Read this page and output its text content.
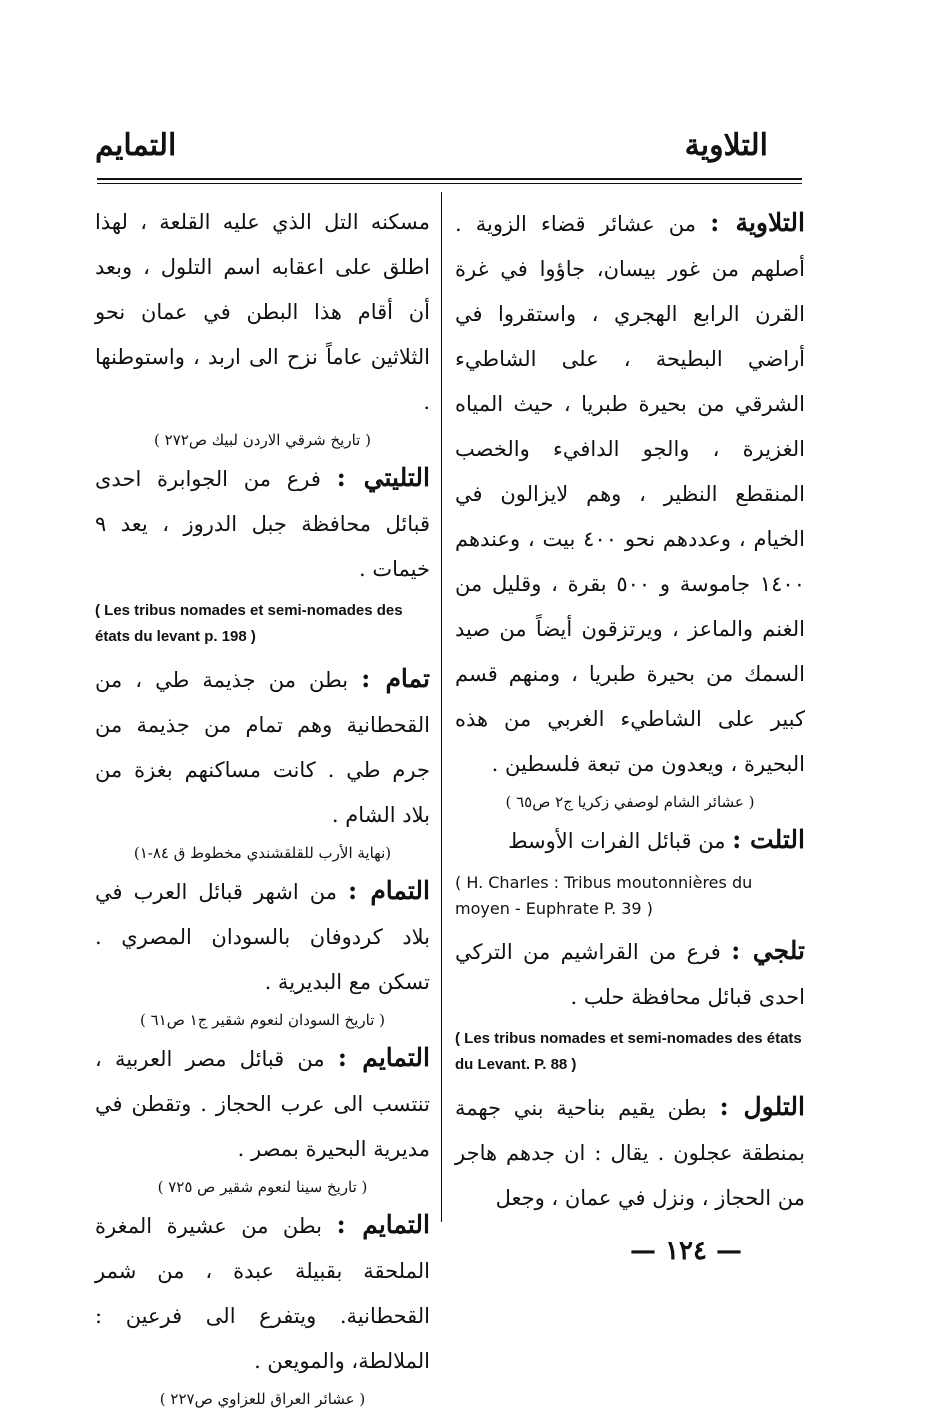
التلاوية
التمايم

التلاوية : من عشائر قضاء الزوية . أصلهم من غور بيسان، جاؤوا في غرة القرن الرابع الهجري ، واستقروا في أراضي البطيحة ، على الشاطيء الشرقي من بحيرة طبريا ، حيث المياه الغزيرة ، والجو الدافيء والخصب المنقطع النظير ، وهم لايزالون في الخيام ، وعددهم نحو ٤٠٠ بيت ، وعندهم ١٤٠٠ جاموسة و ٥٠٠ بقرة ، وقليل من الغنم والماعز ، ويرتزقون أيضاً من صيد السمك من بحيرة طبريا ، ومنهم قسم كبير على الشاطيء الغربي من هذه البحيرة ، ويعدون من تبعة فلسطين .

( عشائر الشام لوصفي زكريا ج٢ ص٦٥ )

التلت : من قبائل الفرات الأوسط

( H. Charles : Tribus moutonnières du moyen - Euphrate P. 39 )

تلجي : فرع من القراشيم من التركي احدى قبائل محافظة حلب .

( Les tribus nomades et semi-nomades des états du Levant. P. 88 )

التلول : بطن يقيم بناحية بني جهمة بمنطقة عجلون . يقال : ان جدهم هاجر من الحجاز ، ونزل في عمان ، وجعل

مسكنه التل الذي عليه القلعة ، لهذا اطلق على اعقابه اسم التلول ، وبعد أن أقام هذا البطن في عمان نحو الثلاثين عاماً نزح الى اربد ، واستوطنها .

( تاريخ شرقي الاردن لبيك ص٢٧٢ )

التليتي : فرع من الجوابرة احدى قبائل محافظة جبل الدروز ، يعد ٩ خيمات .

( Les tribus nomades et semi-nomades des états du levant p. 198 )

تمام : بطن من جذيمة طي ، من القحطانية وهم تمام من جذيمة من جرم طي . كانت مساكنهم بغزة من بلاد الشام .

(نهاية الأرب للقلقشندي مخطوط ق ٨٤-١)

التمام : من اشهر قبائل العرب في بلاد كردوفان بالسودان المصري . تسكن مع البديرية .

( تاريخ السودان لنعوم شقير ج١ ص٦١ )

التمايم : من قبائل مصر العربية ، تنتسب الى عرب الحجاز . وتقطن في مديرية البحيرة بمصر .

( تاريخ سينا لنعوم شقير ص ٧٢٥ )

التمايم : بطن من عشيرة المغرة الملحقة بقبيلة عبدة ، من شمر القحطانية. ويتفرع الى فرعين : الملالطة، والمويعن .

( عشائر العراق للعزاوي ص٢٢٧ )

— ١٢٤ —
